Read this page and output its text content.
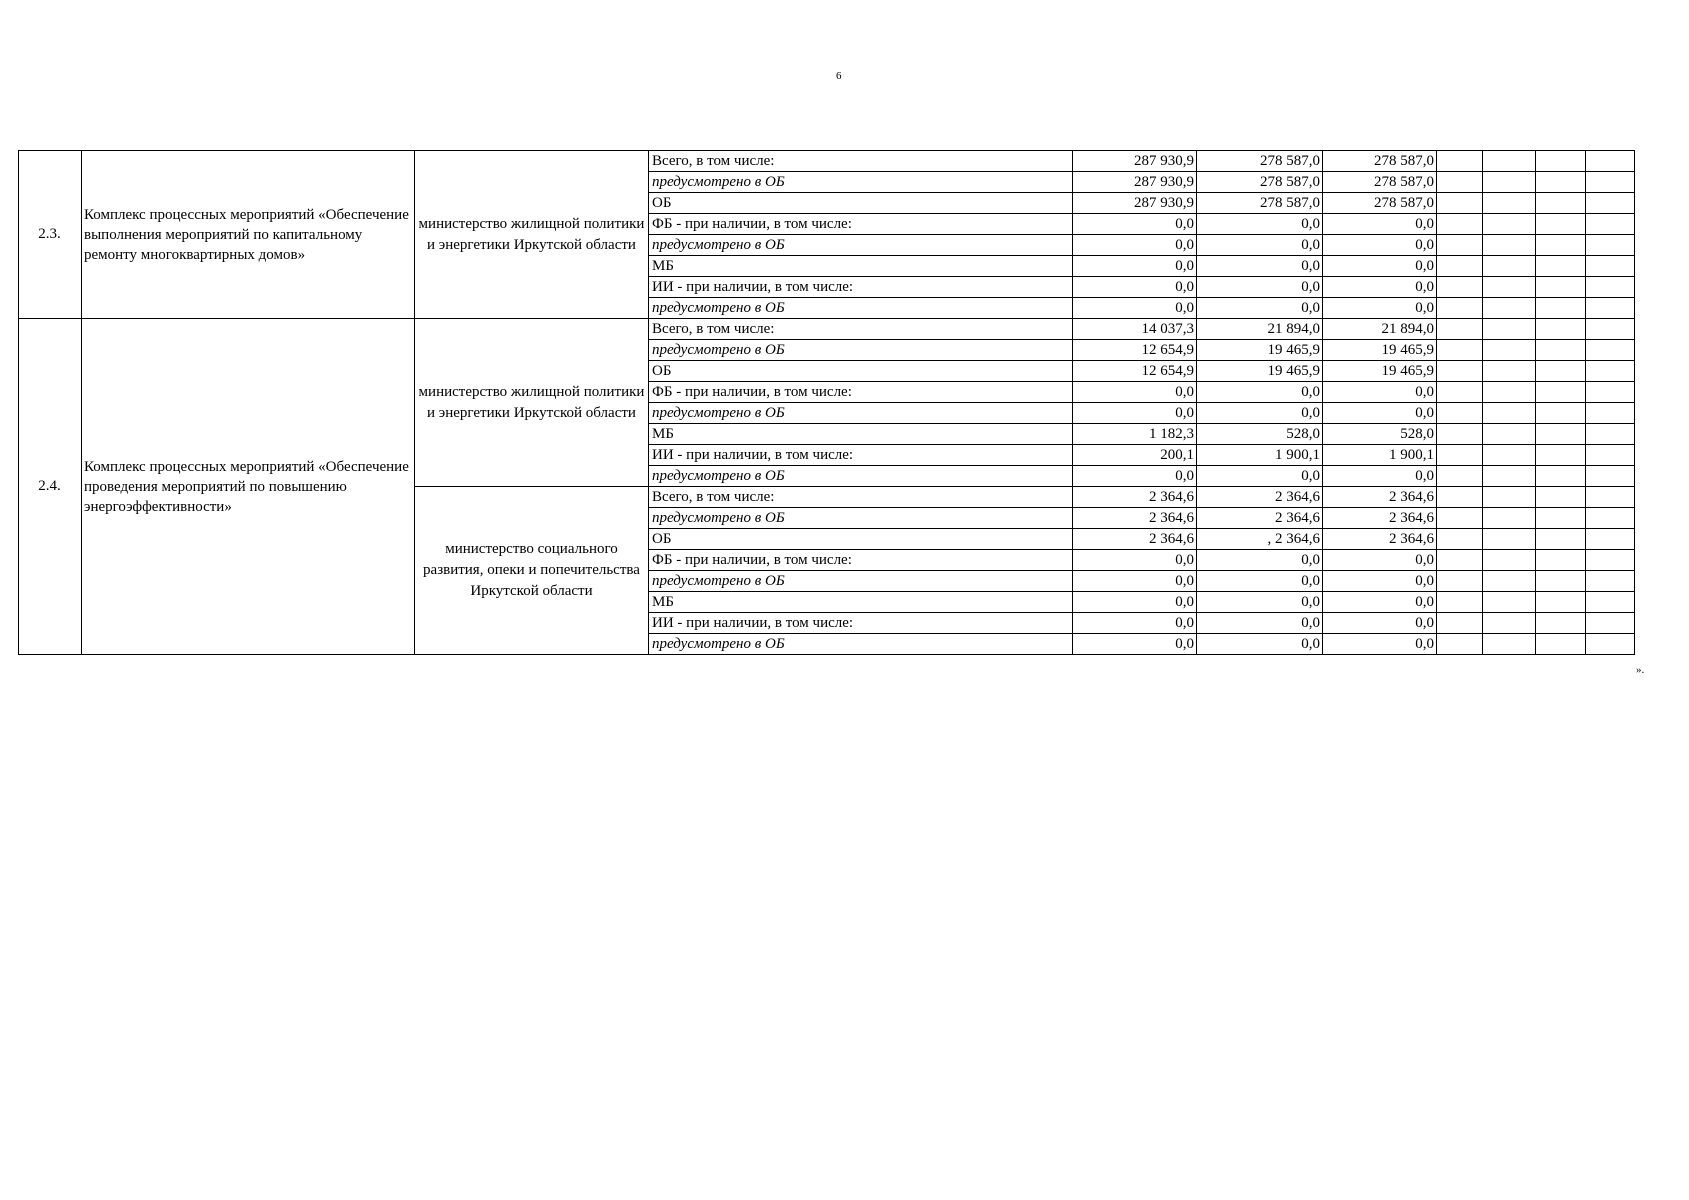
6
2.3.	Комплекс процессных мероприятий «Обеспечение выполнения мероприятий по капитальному ремонту многоквартирных домов»	министерство жилищной политики и энергетики Иркутской области	Всего, в том числе:	287 930,9	278 587,0	278 587,0				
			предусмотрено в ОБ	287 930,9	278 587,0	278 587,0				
			ОБ	287 930,9	278 587,0	278 587,0				
			ФБ - при наличии, в том числе:	0,0	0,0	0,0				
			предусмотрено в ОБ	0,0	0,0	0,0				
			МБ	0,0	0,0	0,0				
			ИИ - при наличии, в том числе:	0,0	0,0	0,0				
			предусмотрено в ОБ	0,0	0,0	0,0				
2.4.	Комплекс процессных мероприятий «Обеспечение проведения мероприятий по повышению энергоэффективности»	министерство жилищной политики и энергетики Иркутской области	Всего, в том числе:	14 037,3	21 894,0	21 894,0				
			предусмотрено в ОБ	12 654,9	19 465,9	19 465,9				
			ОБ	12 654,9	19 465,9	19 465,9				
			ФБ - при наличии, в том числе:	0,0	0,0	0,0				
			предусмотрено в ОБ	0,0	0,0	0,0				
			МБ	1 182,3	528,0	528,0				
			ИИ - при наличии, в том числе:	200,1	1 900,1	1 900,1				
			предусмотрено в ОБ	0,0	0,0	0,0				
		министерство социального развития, опеки и попечительства Иркутской области	Всего, в том числе:	2 364,6	2 364,6	2 364,6				
			предусмотрено в ОБ	2 364,6	2 364,6	2 364,6				
			ОБ	2 364,6	, 2 364,6	2 364,6				
			ФБ - при наличии, в том числе:	0,0	0,0	0,0				
			предусмотрено в ОБ	0,0	0,0	0,0				
			МБ	0,0	0,0	0,0				
			ИИ - при наличии, в том числе:	0,0	0,0	0,0				
			предусмотрено в ОБ	0,0	0,0	0,0				
».
